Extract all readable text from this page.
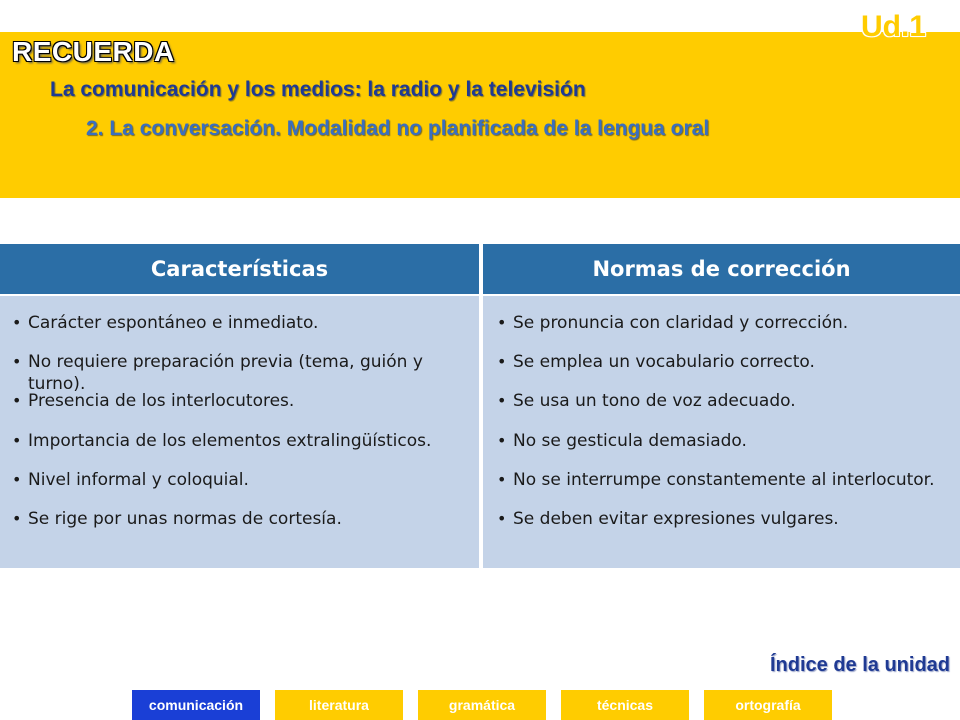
Ud.1
RECUERDA
La comunicación y los medios: la radio y la televisión
2. La conversación. Modalidad no planificada de la lengua oral
Características
• Carácter espontáneo e inmediato.
• No requiere preparación previa (tema, guión y turno).
• Presencia de los interlocutores.
• Importancia de los elementos extralingüísticos.
• Nivel informal y coloquial.
• Se rige por unas normas de cortesía.
Normas de corrección
• Se pronuncia con claridad y corrección.
• Se emplea un vocabulario correcto.
• Se usa un tono de voz adecuado.
• No se gesticula demasiado.
• No se interrumpe constantemente al interlocutor.
• Se deben evitar expresiones vulgares.
Índice de la unidad
comunicación	literatura	gramática	técnicas	ortografía
